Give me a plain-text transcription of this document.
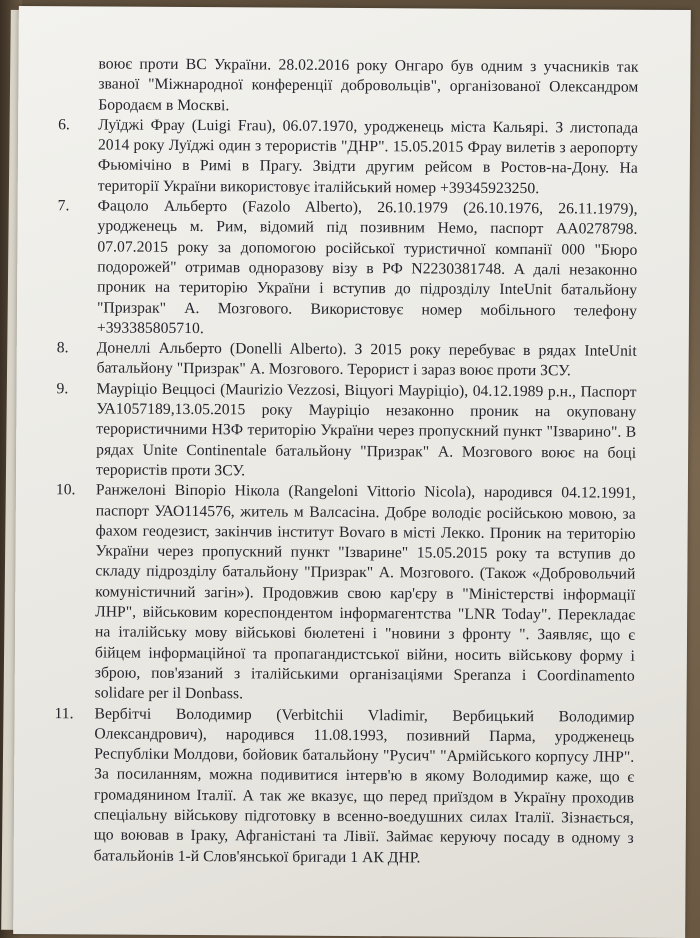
воює проти ВС України. 28.02.2016 року Онгаро був одним з учасників так званої "Міжнародної конференції добровольців", організованої Олександром Бородаєм в Москві.

6.	Луїджі Фрау (Luigi Frau), 06.07.1970, уродженець міста Кальярі. З листопада 2014 року Луїджі один з терористів "ДНР". 15.05.2015 Фрау вилетів з аеропорту Фьюмічіно в Римі в Прагу. Звідти другим рейсом в Ростов-на-Дону. На території України використовує італійський номер +39345923250.
7.	Фацоло Альберто (Fazolo Alberto), 26.10.1979 (26.10.1976, 26.11.1979), уродженець м. Рим, відомий під позивним Немо, паспорт АА0278798. 07.07.2015 року за допомогою російської туристичної компанії 000 "Бюро подорожей" отримав одноразову візу в РФ N2230381748. А далі незаконно проник на територію України і вступив до підрозділу InteUnit батальйону "Призрак" А. Мозгового. Використовує номер мобільного телефону +393385805710.
8.	Донеллі Альберто (Donelli Alberto). З 2015 року перебуває в рядах InteUnit батальйону "Призрак" А. Мозгового. Терорист і зараз воює проти ЗСУ.
9.	Мауріціо Веццосі (Maurizio Vezzosi, Віцуогі Мауріціо), 04.12.1989 р.н., Паспорт УА1057189,13.05.2015 року Мауріціо незаконно проник на окуповану терористичними НЗФ територію України через пропускний пункт "Ізварино". В рядах Unite Continentale батальйону "Призрак" А. Мозгового воює на боці терористів проти ЗСУ.
10.	Ранжелоні Віпоріо Нікола (Rangeloni Vittorio Nicola), народився 04.12.1991, паспорт УАО114576, житель м Валсасіна. Добре володіє російською мовою, за фахом геодезист, закінчив інститут Bovaro в місті Лекко. Проник на територію України через пропускний пункт "Ізварине" 15.05.2015 року та вступив до складу підрозділу батальйону "Призрак" А. Мозгового. (Також «Добровольчий комуністичний загін»). Продовжив свою кар'єру в "Міністерстві інформації ЛНР", військовим кореспондентом інформагентства "LNR Today". Перекладає на італійську мову військові бюлетені і "новини з фронту ". Заявляє, що є бійцем інформаційної та пропагандистської війни, носить військову форму і зброю, пов'язаний з італійськими організаціями Speranza і Coordinamento solidare per il Donbass.
11.	Вербітчі Володимир (Verbitchii Vladimir, Вербицький Володимир Олександрович), народився 11.08.1993, позивний Парма, уродженець Республіки Молдови, бойовик батальйону "Русич" "Армійського корпусу ЛНР". За посиланням, можна подивитися інтерв'ю в якому Володимир каже, що є громадянином Італії. А так же вказує, що перед приїздом в Україну проходив спеціальну військову підготовку в всенно-воедушних силах Італії. Зізнається, що воював в Іраку, Афганістані та Лівії. Займає керуючу посаду в одному з батальйонів 1-й Слов'янської бригади 1 АК ДНР.
